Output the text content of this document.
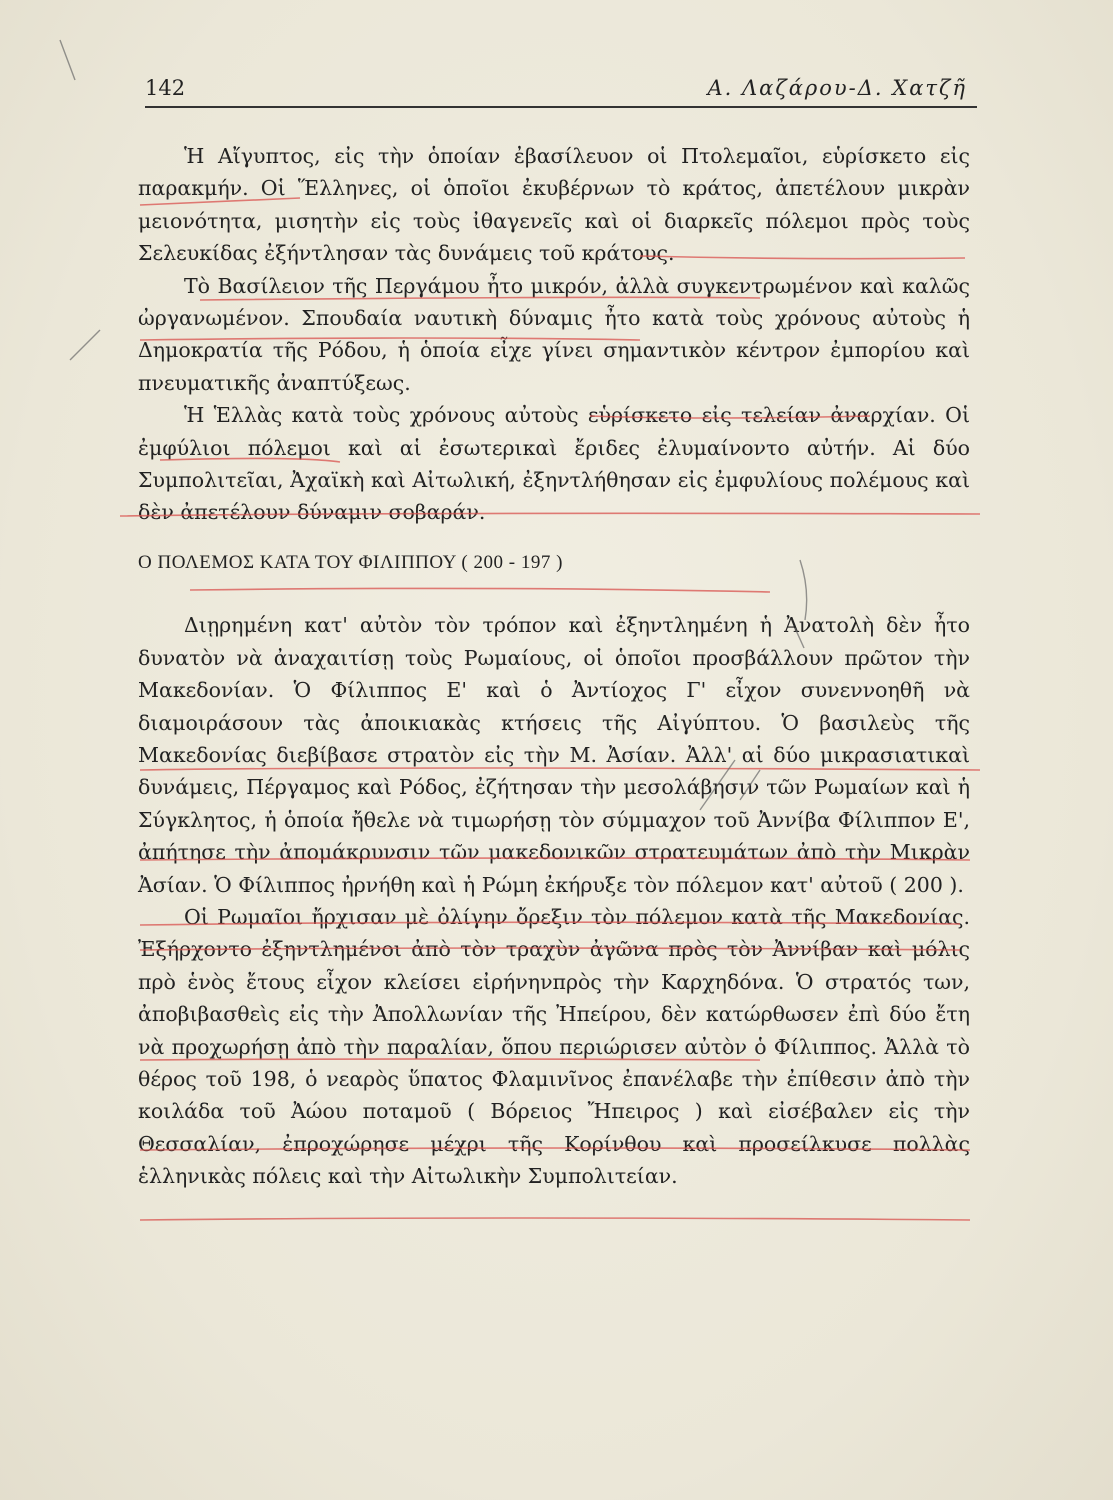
142	Α. Λαζάρου-Δ. Χατζῆ

Ἡ Αἴγυπτος, εἰς τὴν ὁποίαν ἐβασίλευον οἱ Πτολεμαῖοι, εὑρίσκετο εἰς παρακμήν. Οἱ Ἕλληνες, οἱ ὁποῖοι ἐκυβέρνων τὸ κράτος, ἀπετέλουν μικρὰν μειονότητα, μισητὴν εἰς τοὺς ἰθαγενεῖς καὶ οἱ διαρκεῖς πόλεμοι πρὸς τοὺς Σελευκίδας ἐξήντλησαν τὰς δυνάμεις τοῦ κράτους.

Τὸ Βασίλειον τῆς Περγάμου ἦτο μικρόν, ἀλλὰ συγκεντρωμένον καὶ καλῶς ὠργανωμένον. Σπουδαία ναυτικὴ δύναμις ἦτο κατὰ τοὺς χρόνους αὐτοὺς ἡ Δημοκρατία τῆς Ρόδου, ἡ ὁποία εἶχε γίνει σημαντικὸν κέντρον ἐμπορίου καὶ πνευματικῆς ἀναπτύξεως.

Ἡ Ἑλλὰς κατὰ τοὺς χρόνους αὐτοὺς εὑρίσκετο εἰς τελείαν ἀναρχίαν. Οἱ ἐμφύλιοι πόλεμοι καὶ αἱ ἐσωτερικαὶ ἔριδες ἐλυμαίνοντο αὐτήν. Αἱ δύο Συμπολιτεῖαι, Ἀχαϊκὴ καὶ Αἰτωλική, ἐξηντλήθησαν εἰς ἐμφυλίους πολέμους καὶ δὲν ἀπετέλουν δύναμιν σοβαράν.

Ο ΠΟΛΕΜΟΣ ΚΑΤΑ ΤΟΥ ΦΙΛΙΠΠΟΥ ( 200 - 197 )

Διῃρημένη κατ' αὐτὸν τὸν τρόπον καὶ ἐξηντλημένη ἡ Ἀνατολὴ δὲν ἦτο δυνατὸν νὰ ἀναχαιτίσῃ τοὺς Ρωμαίους, οἱ ὁποῖοι προσβάλλουν πρῶτον τὴν Μακεδονίαν. Ὁ Φίλιππος Ε' καὶ ὁ Ἀντίοχος Γ' εἶχον συνεννοηθῆ νὰ διαμοιράσουν τὰς ἀποικιακὰς κτήσεις τῆς Αἰγύπτου. Ὁ βασιλεὺς τῆς Μακεδονίας διεβίβασε στρατὸν εἰς τὴν Μ. Ἀσίαν. Ἀλλ' αἱ δύο μικρασιατικαὶ δυνάμεις, Πέργαμος καὶ Ρόδος, ἐζήτησαν τὴν μεσολάβησιν τῶν Ρωμαίων καὶ ἡ Σύγκλητος, ἡ ὁποία ἤθελε νὰ τιμωρήσῃ τὸν σύμμαχον τοῦ Ἀννίβα Φίλιππον Ε', ἀπήτησε τὴν ἀπομάκρυνσιν τῶν μακεδονικῶν στρατευμάτων ἀπὸ τὴν Μικρὰν Ἀσίαν. Ὁ Φίλιππος ἠρνήθη καὶ ἡ Ρώμη ἐκήρυξε τὸν πόλεμον κατ' αὐτοῦ ( 200 ).

Οἱ Ρωμαῖοι ἤρχισαν μὲ ὀλίγην ὄρεξιν τὸν πόλεμον κατὰ τῆς Μακεδονίας. Ἐξήρχοντο ἐξηντλημένοι ἀπὸ τὸν τραχὺν ἀγῶνα πρὸς τὸν Ἀννίβαν καὶ μόλις πρὸ ἑνὸς ἔτους εἶχον κλείσει εἰρήνηνπρὸς τὴν Καρχηδόνα. Ὁ στρατός των, ἀποβιβασθεὶς εἰς τὴν Ἀπολλωνίαν τῆς Ἠπείρου, δὲν κατώρθωσεν ἐπὶ δύο ἔτη νὰ προχωρήσῃ ἀπὸ τὴν παραλίαν, ὅπου περιώρισεν αὐτὸν ὁ Φίλιππος. Ἀλλὰ τὸ θέρος τοῦ 198, ὁ νεαρὸς ὕπατος Φλαμινῖνος ἐπανέλαβε τὴν ἐπίθεσιν ἀπὸ τὴν κοιλάδα τοῦ Ἀώου ποταμοῦ ( Βόρειος Ἤπειρος ) καὶ εἰσέβαλεν εἰς τὴν Θεσσαλίαν, ἐπροχώρησε μέχρι τῆς Κορίνθου καὶ προσείλκυσε πολλὰς ἑλληνικὰς πόλεις καὶ τὴν Αἰτωλικὴν Συμπολιτείαν.
